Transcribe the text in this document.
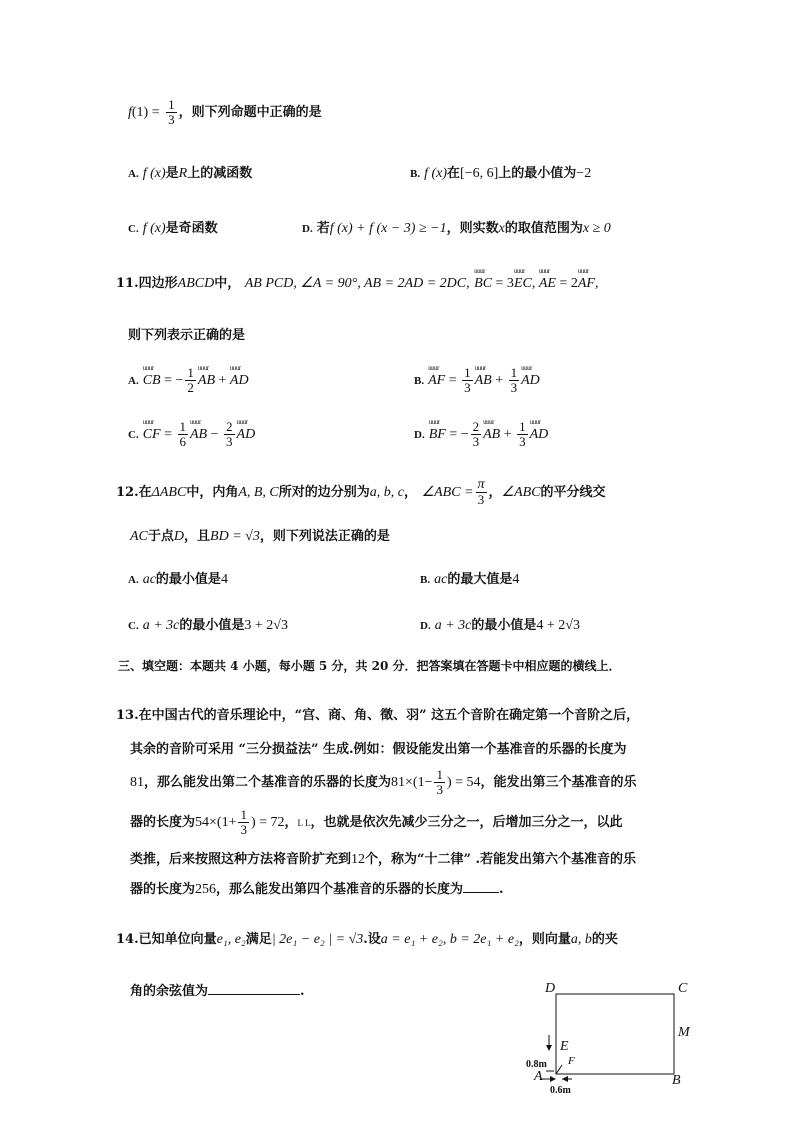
$f(1) = \frac{1}{3}$ ，则下列命题中正确的是
A. f (x)是R上的减函数	B. f (x)在[−6, 6]上的最小值为−2
C. f (x)是奇函数	D. 若f (x) + f (x − 3) ≥ −1，则实数x的取值范围为x ≥ 0
11.四边形ABCD中， AB PCD, ∠A = 90°, AB = 2AD = 2DC, uuur BC = 3uuur EC, uuur AE = 2uuur AF,
则下列表示正确的是
A. uuur CB = − $\frac{1}{2}$ uuur AB + uuur AD	B. uuur AF = $\frac{1}{3}$ uuur AB + $\frac{1}{3}$ uuur AD
C. uuur CF = $\frac{1}{6}$ uuur AB − $\frac{2}{3}$ uuur AD	D. uuur BF = − $\frac{2}{3}$ uuur AB + $\frac{1}{3}$ uuur AD
12.在ΔABC中，内角A, B, C所对的边分别为a, b, c， ∠ABC = $\frac{\pi}{3}$ ，∠ABC的平分线交
AC于点D，且BD = √3，则下列说法正确的是
A. ac的最小值是4	B. ac的最大值是4
C. a + 3c的最小值是3 + 2√3	D. a + 3c的最小值是4 + 2√3
三、填空题：本题共 4 小题，每小题 5 分，共 20 分．把答案填在答题卡中相应题的横线上．
13.在中国古代的音乐理论中，“宫、商、角、徵、羽” 这五个音阶在确定第一个音阶之后，
其余的音阶可采用 “三分损益法” 生成.例如：假设能发出第一个基准音的乐器的长度为
81，那么能发出第二个基准音的乐器的长度为$81\times(1- \frac{1}{3}$ ) = 54，能发出第三个基准音的乐
器的长度为$54\times(1+ \frac{1}{3}$ ) = 72，L L，也就是依次先减少三分之一，后增加三分之一，以此
类推，后来按照这种方法将音阶扩充到12个，称为“十二律” .若能发出第六个基准音的乐
器的长度为256，那么能发出第四个基准音的乐器的长度为	.
14.已知单位向量e₁, e₂满足| 2e₁ − e₂ | = √3.设a = e₁ + e₂, b = 2e₁ + e₂，则向量a, b的夹
角的余弦值为	.	D	C
M
E
F
A	B
0.8m
0.6m
